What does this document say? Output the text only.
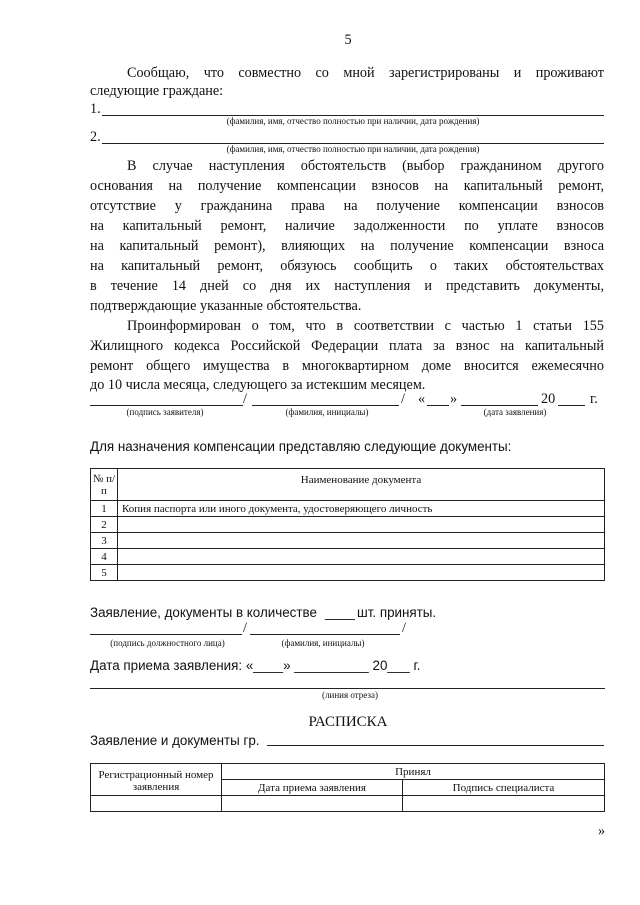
5
Сообщаю, что совместно со мной зарегистрированы и проживают
следующие граждане:
1.
(фамилия, имя, отчество полностью при наличии, дата рождения)
2.
(фамилия, имя, отчество полностью при наличии, дата рождения)
В случае наступления обстоятельств (выбор гражданином другого
основания на получение компенсации взносов на капитальный ремонт,
отсутствие у гражданина права на получение компенсации взносов
на капитальный ремонт, наличие задолженности по уплате взносов
на капитальный ремонт), влияющих на получение компенсации взноса
на капитальный ремонт, обязуюсь сообщить о таких обстоятельствах
в течение 14 дней со дня их наступления и представить документы,
подтверждающие указанные обстоятельства.
Проинформирован о том, что в соответствии с частью 1 статьи 155
Жилищного кодекса Российской Федерации плата за взнос на капитальный
ремонт общего имущества в многоквартирном доме вносится ежемесячно
до 10 числа месяца, следующего за истекшим месяцем.
/	/ « »	20 г.
(подпись заявителя)	(фамилия, инициалы)	(дата заявления)
Для назначения компенсации представляю следующие документы:
№ п/п	Наименование документа
1	Копия паспорта или иного документа, удостоверяющего личность
2	
3	
4	
5	
Заявление, документы в количестве ____ шт. приняты.
/	/
(подпись должностного лица)	(фамилия, инициалы)
Дата приема заявления: «____» __________ 20___ г.
(линия отреза)
РАСПИСКА
Заявление и документы гр.
Регистрационный номер заявления	Принял	
	Дата приема заявления	Подпись специалиста

»
